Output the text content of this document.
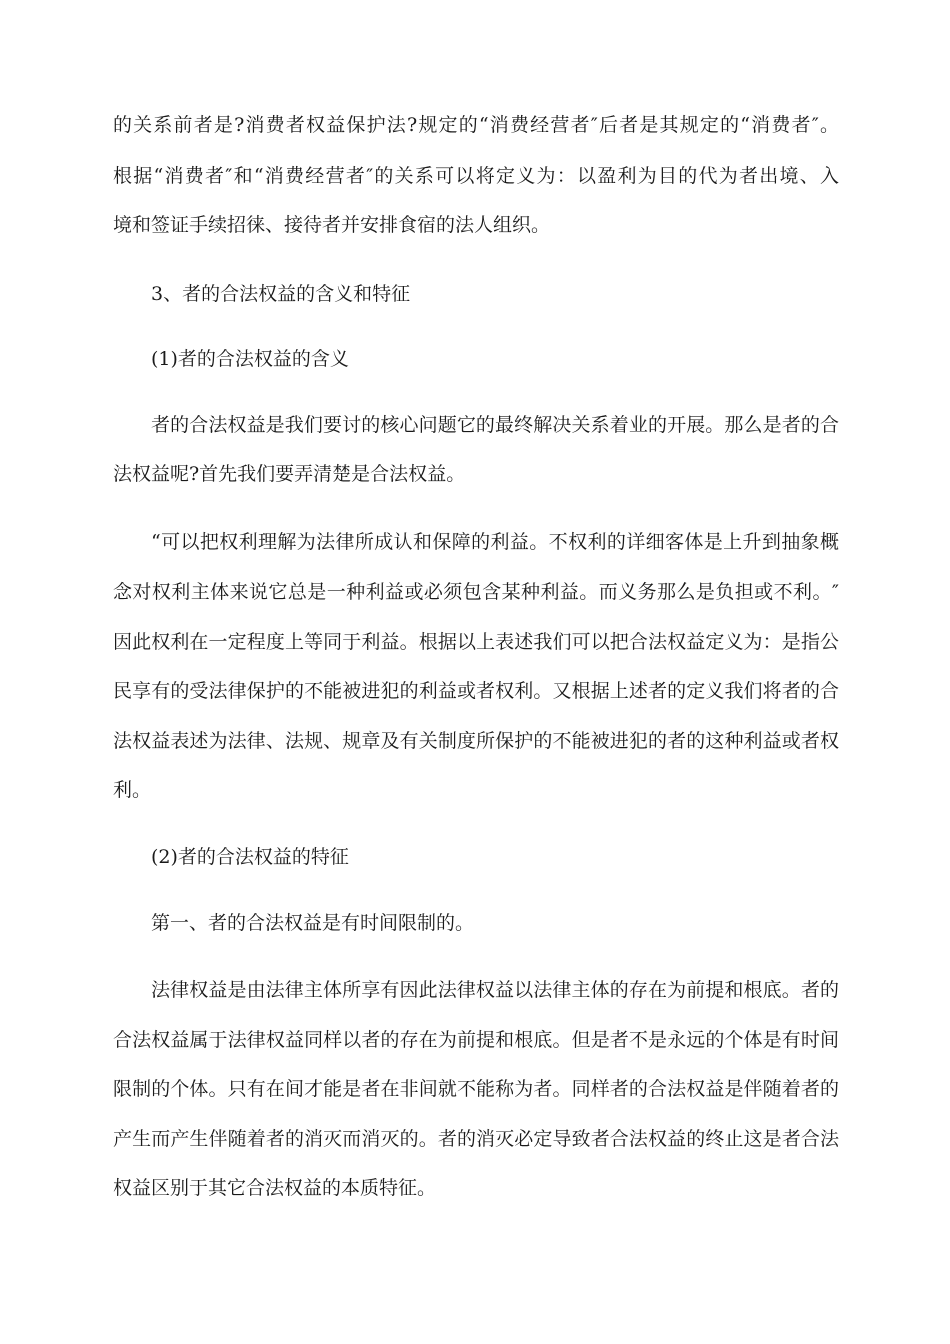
的关系前者是?消费者权益保护法?规定的“消费经营者″后者是其规定的“消费者″。
根据“消费者″和“消费经营者″的关系可以将定义为：以盈利为目的代为者出境、入
境和签证手续招徕、接待者并安排食宿的法人组织。
3、者的合法权益的含义和特征
(1)者的合法权益的含义
者的合法权益是我们要讨的核心问题它的最终解决关系着业的开展。那么是者的合
法权益呢?首先我们要弄清楚是合法权益。
“可以把权利理解为法律所成认和保障的利益。不权利的详细客体是上升到抽象概
念对权利主体来说它总是一种利益或必须包含某种利益。而义务那么是负担或不利。″
因此权利在一定程度上等同于利益。根据以上表述我们可以把合法权益定义为：是指公
民享有的受法律保护的不能被进犯的利益或者权利。又根据上述者的定义我们将者的合
法权益表述为法律、法规、规章及有关制度所保护的不能被进犯的者的这种利益或者权
利。
(2)者的合法权益的特征
第一、者的合法权益是有时间限制的。
法律权益是由法律主体所享有因此法律权益以法律主体的存在为前提和根底。者的
合法权益属于法律权益同样以者的存在为前提和根底。但是者不是永远的个体是有时间
限制的个体。只有在间才能是者在非间就不能称为者。同样者的合法权益是伴随着者的
产生而产生伴随着者的消灭而消灭的。者的消灭必定导致者合法权益的终止这是者合法
权益区别于其它合法权益的本质特征。
